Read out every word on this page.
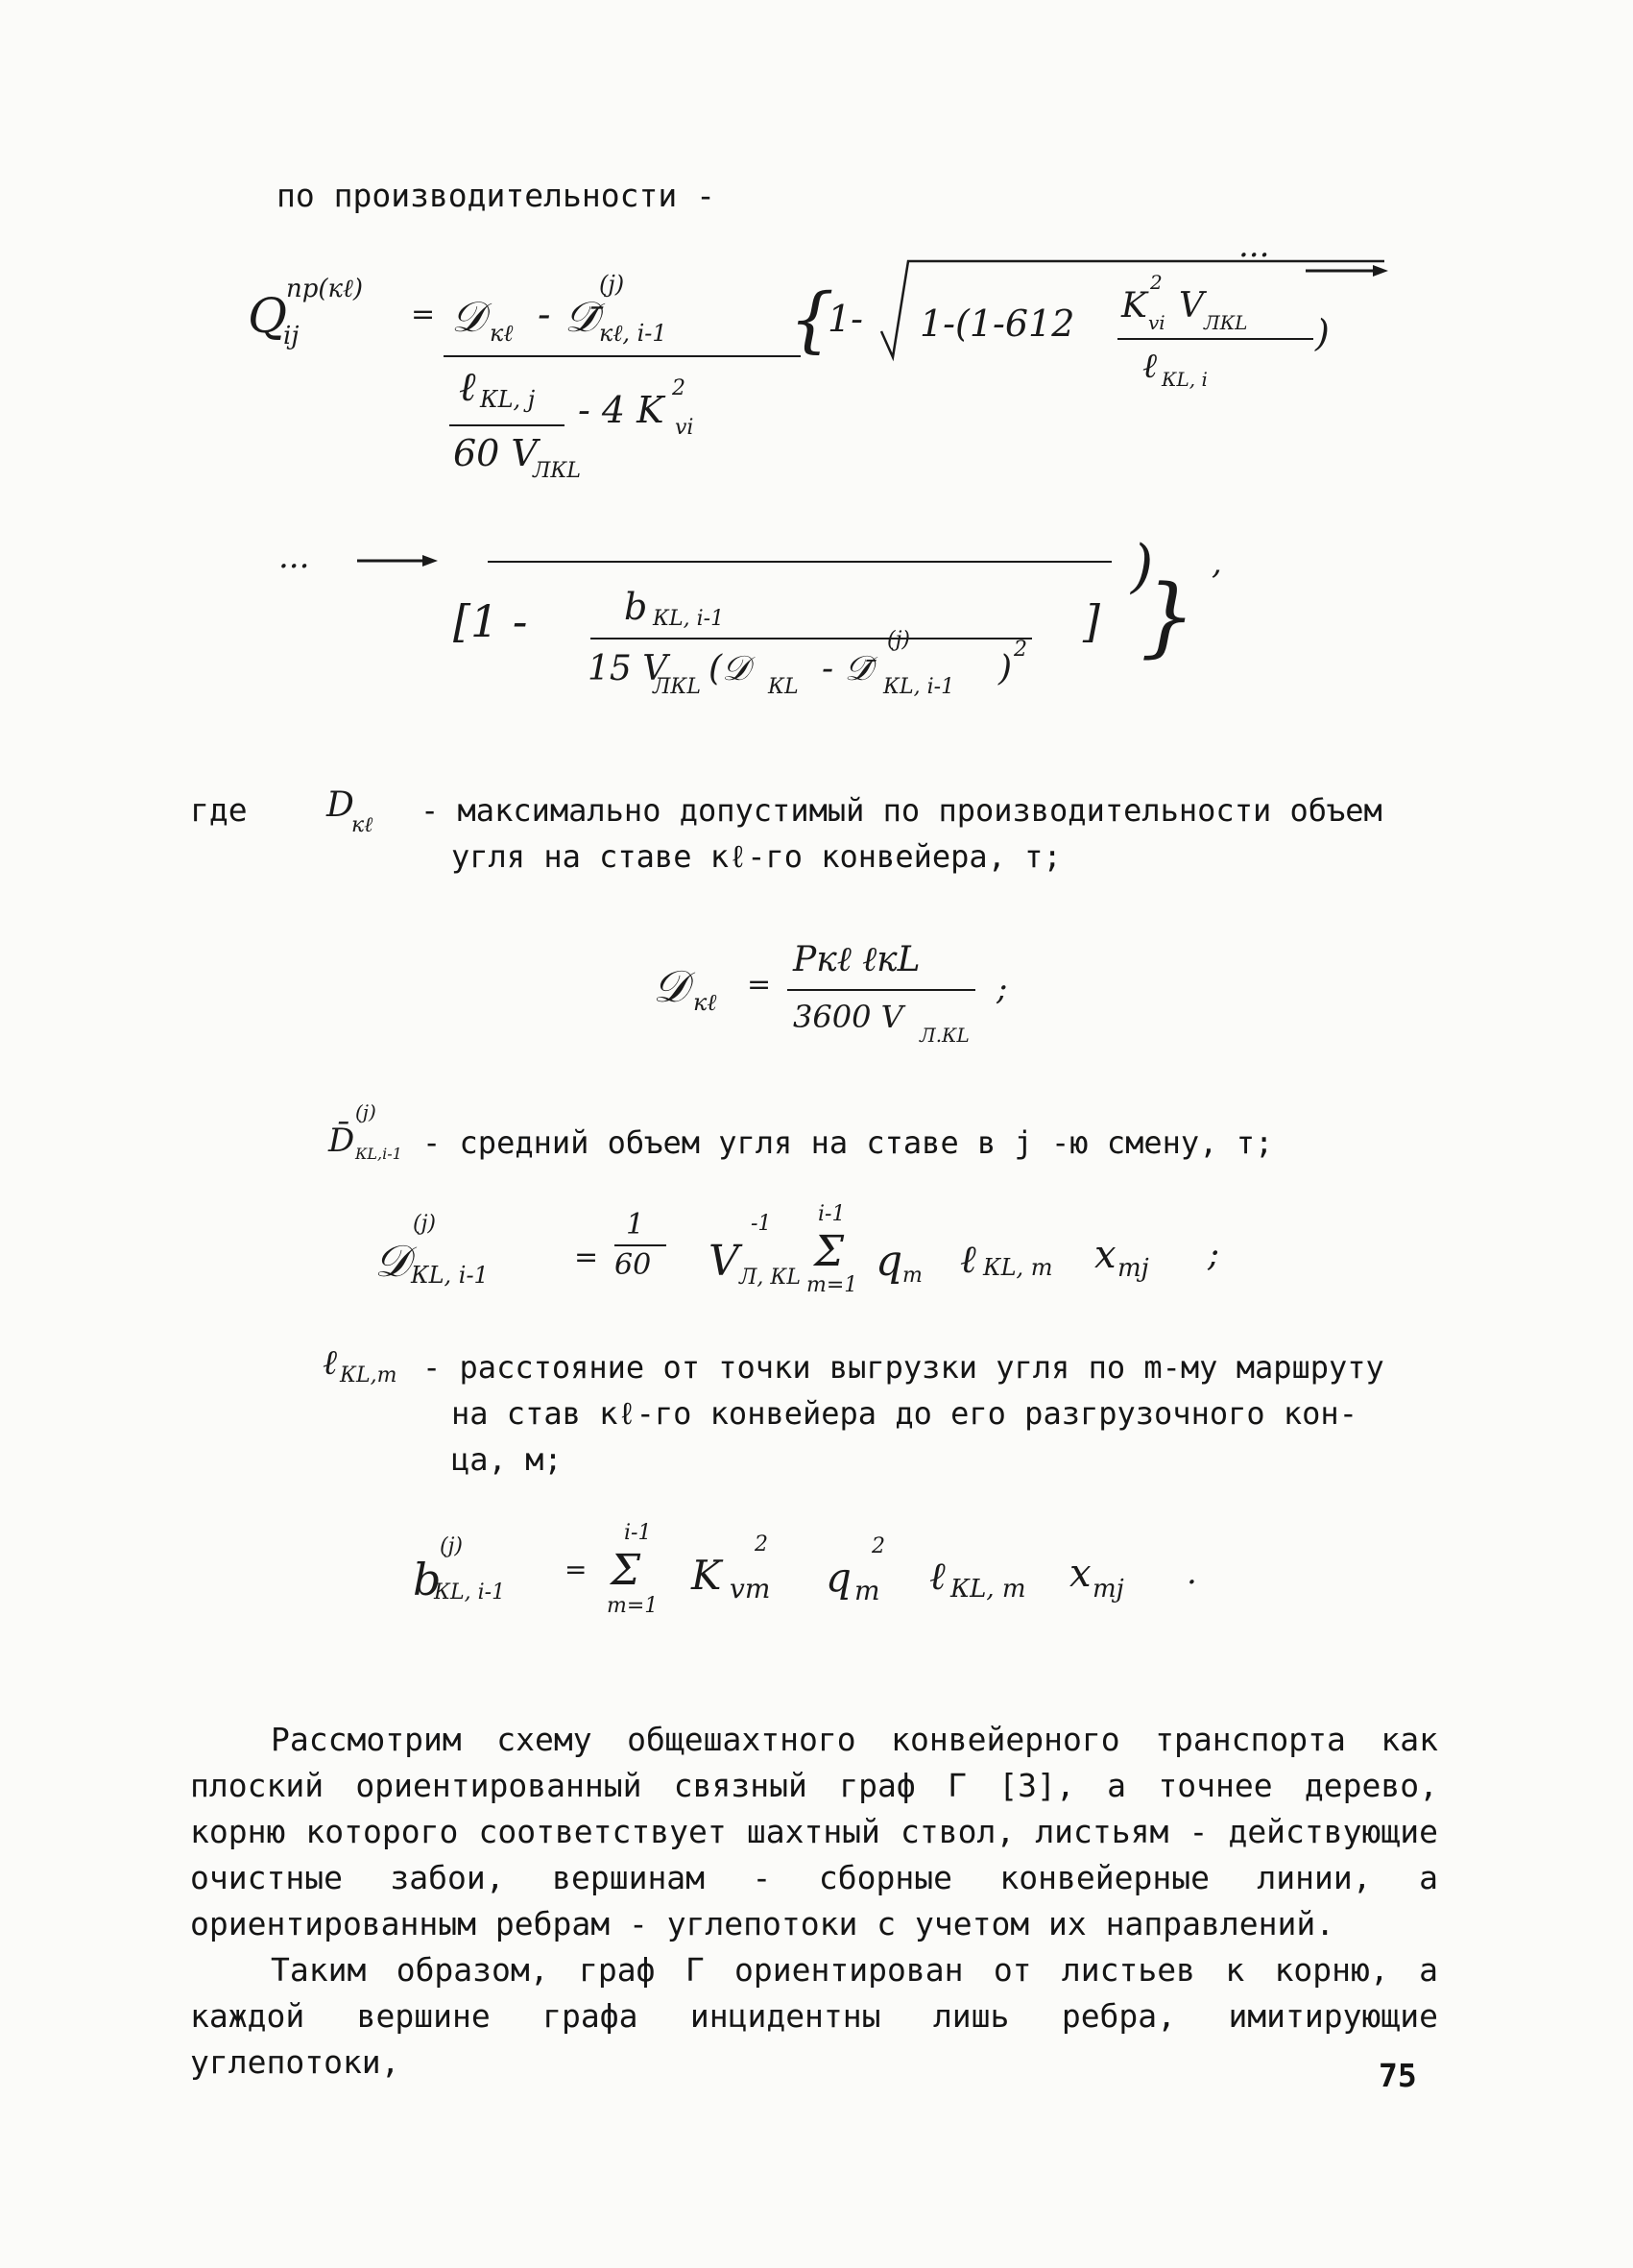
по производительности -
Q пр(кℓ)
ij
= 𝒟 кℓ - 𝒟̄
(j)
кℓ, i-1
ℓ КL, j
60 V
ЛКL
- 4 K
2
vi
{
1- 1-(1-612 K
2
vi V ЛКL
ℓ КL, i
)
...
...
[1 -	b КL, i-1
15 V
ЛКL (𝒟 КL - 𝒟̄
(j)
КL, i-1 ) 2
]
)
}
,
где D
кℓ - максимально допустимый по производительности объем
угля на ставе кℓ-го конвейера, т;
𝒟 кℓ
=
Pкℓ ℓкL
3600 V Л.КL
;
D̄
(j)
КL,i-1 - средний объем угля на ставе в j -ю смену, т;
𝒟
(j)
КL, i-1
=
1
60 V
-1
Л, КL
Σ
i-1
m=1 q m ℓ КL, m x mj ;
ℓ КL,m - расстояние от точки выгрузки угля по m-му маршруту
на став кℓ-го конвейера до его разгрузочного кон-
ца, м;
b
(j)
КL, i-1
= Σ
i-1
m=1
K
2
vm q
2
m ℓ КL, m x mj .
Рассмотрим схему общешахтного конвейерного транспорта как плоский ориентированный связный граф Г [3], а точнее дерево, корню которого соответствует шахтный ствол, листьям - действующие очистные забои, вершинам - сборные конвейерные линии, а ориентированным ребрам - углепотоки с учетом их направлений.
Таким образом, граф Г ориентирован от листьев к корню, а каждой вершине графа инцидентны лишь ребра, имитирующие углепотоки,	75
